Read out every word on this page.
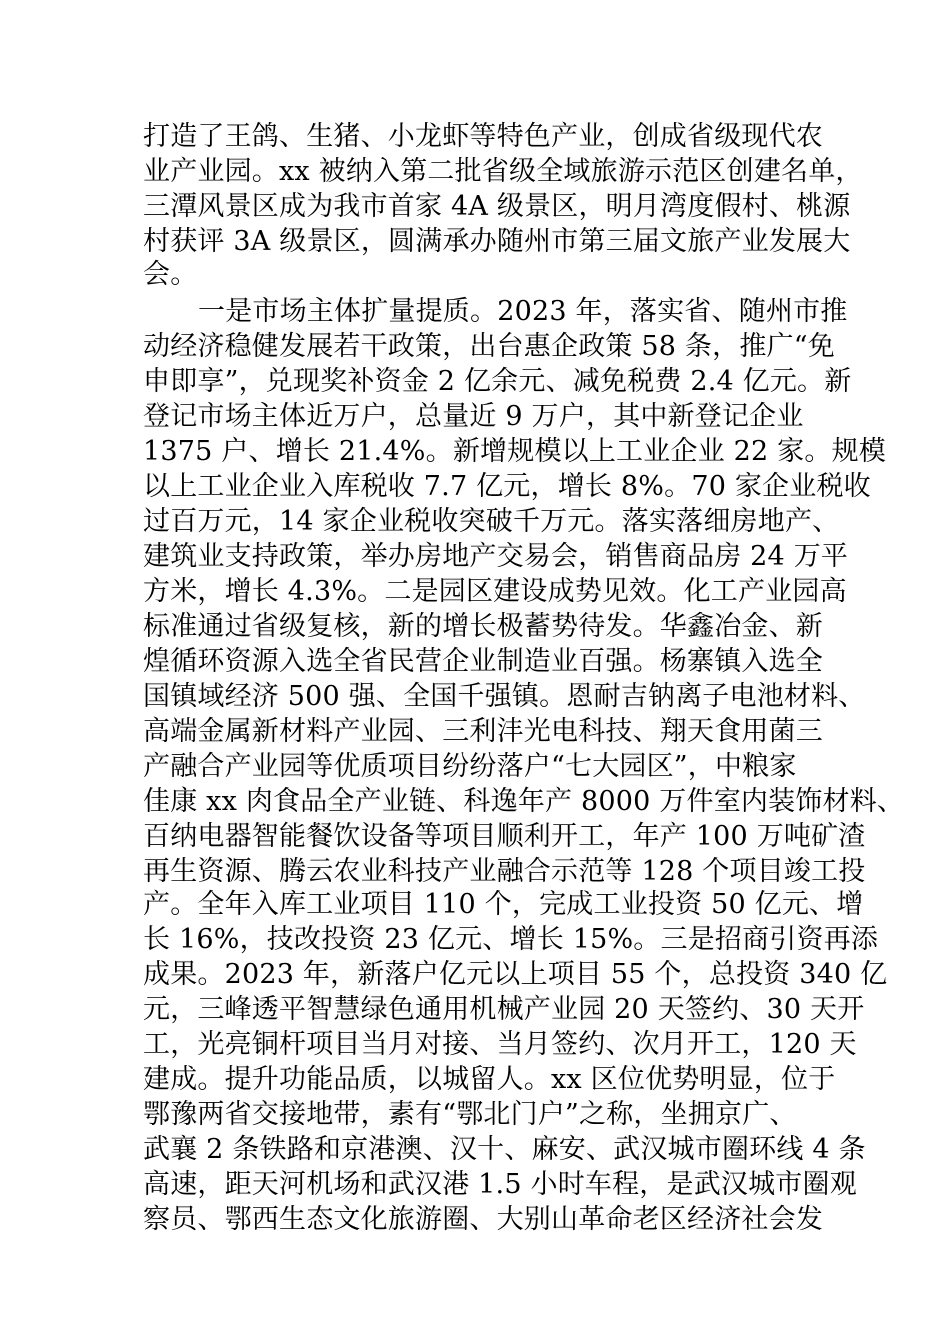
打造了王鸽、生猪、小龙虾等特色产业，创成省级现代农
业产业园。xx 被纳入第二批省级全域旅游示范区创建名单，
三潭风景区成为我市首家 4A 级景区，明月湾度假村、桃源
村获评 3A 级景区，圆满承办随州市第三届文旅产业发展大
会。
一是市场主体扩量提质。2023 年，落实省、随州市推
动经济稳健发展若干政策，出台惠企政策 58 条，推广“免
申即享”，兑现奖补资金 2 亿余元、减免税费 2.4 亿元。新
登记市场主体近万户，总量近 9 万户，其中新登记企业
1375 户、增长 21.4%。新增规模以上工业企业 22 家。规模
以上工业企业入库税收 7.7 亿元，增长 8%。70 家企业税收
过百万元，14 家企业税收突破千万元。落实落细房地产、
建筑业支持政策，举办房地产交易会，销售商品房 24 万平
方米，增长 4.3%。二是园区建设成势见效。化工产业园高
标准通过省级复核，新的增长极蓄势待发。华鑫冶金、新
煌循环资源入选全省民营企业制造业百强。杨寨镇入选全
国镇域经济 500 强、全国千强镇。恩耐吉钠离子电池材料、
高端金属新材料产业园、三利沣光电科技、翔天食用菌三
产融合产业园等优质项目纷纷落户“七大园区”，中粮家
佳康 xx 肉食品全产业链、科逸年产 8000 万件室内装饰材料、
百纳电器智能餐饮设备等项目顺利开工，年产 100 万吨矿渣
再生资源、腾云农业科技产业融合示范等 128 个项目竣工投
产。全年入库工业项目 110 个，完成工业投资 50 亿元、增
长 16%，技改投资 23 亿元、增长 15%。三是招商引资再添
成果。2023 年，新落户亿元以上项目 55 个，总投资 340 亿
元，三峰透平智慧绿色通用机械产业园 20 天签约、30 天开
工，光亮铜杆项目当月对接、当月签约、次月开工，120 天
建成。提升功能品质，以城留人。xx 区位优势明显，位于
鄂豫两省交接地带，素有“鄂北门户”之称，坐拥京广、
武襄 2 条铁路和京港澳、汉十、麻安、武汉城市圈环线 4 条
高速，距天河机场和武汉港 1.5 小时车程，是武汉城市圈观
察员、鄂西生态文化旅游圈、大别山革命老区经济社会发
